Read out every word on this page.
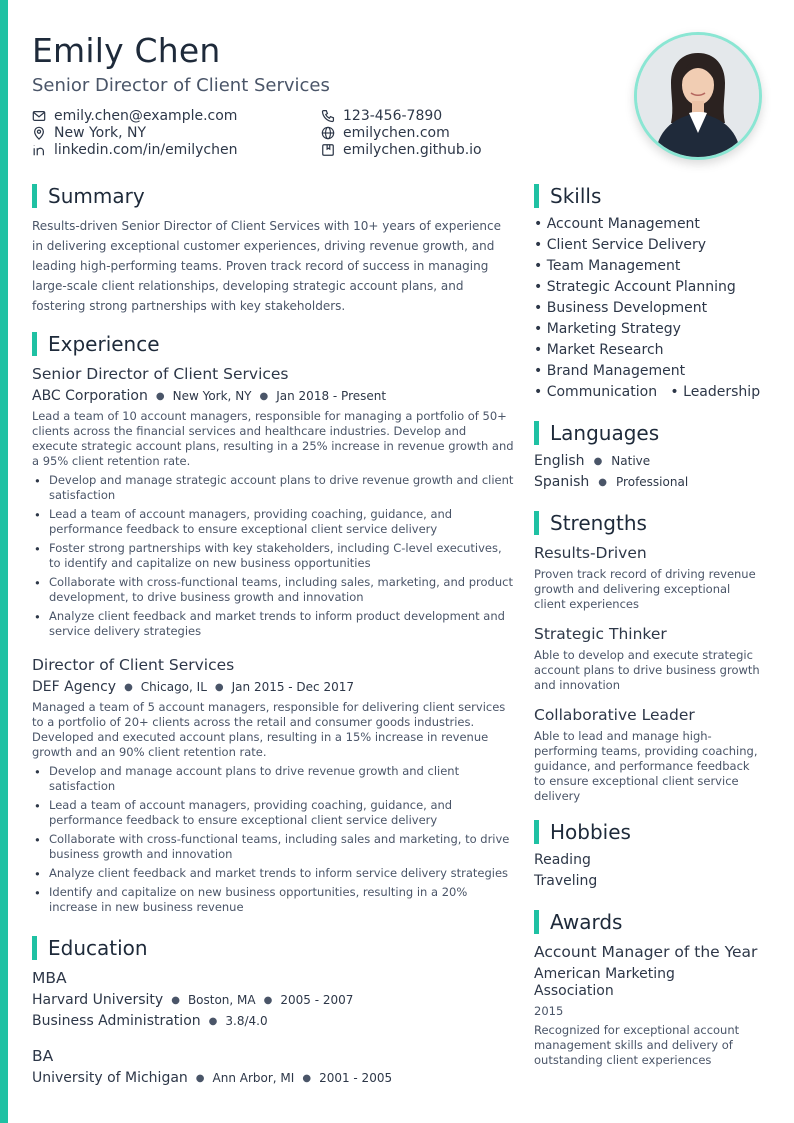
Emily Chen
Senior Director of Client Services
emily.chen@example.com
New York, NY
linkedin.com/in/emilychen
123-456-7890
emilychen.com
emilychen.github.io
Summary
Results-driven Senior Director of Client Services with 10+ years of experience in delivering exceptional customer experiences, driving revenue growth, and leading high-performing teams. Proven track record of success in managing large-scale client relationships, developing strategic account plans, and fostering strong partnerships with key stakeholders.
Experience
Senior Director of Client Services
ABC Corporation ● New York, NY ● Jan 2018 - Present
Lead a team of 10 account managers, responsible for managing a portfolio of 50+ clients across the financial services and healthcare industries. Develop and execute strategic account plans, resulting in a 25% increase in revenue growth and a 95% client retention rate.
• Develop and manage strategic account plans to drive revenue growth and client satisfaction
• Lead a team of account managers, providing coaching, guidance, and performance feedback to ensure exceptional client service delivery
• Foster strong partnerships with key stakeholders, including C-level executives, to identify and capitalize on new business opportunities
• Collaborate with cross-functional teams, including sales, marketing, and product development, to drive business growth and innovation
• Analyze client feedback and market trends to inform product development and service delivery strategies
Director of Client Services
DEF Agency ● Chicago, IL ● Jan 2015 - Dec 2017
Managed a team of 5 account managers, responsible for delivering client services to a portfolio of 20+ clients across the retail and consumer goods industries. Developed and executed account plans, resulting in a 15% increase in revenue growth and an 90% client retention rate.
• Develop and manage account plans to drive revenue growth and client satisfaction
• Lead a team of account managers, providing coaching, guidance, and performance feedback to ensure exceptional client service delivery
• Collaborate with cross-functional teams, including sales and marketing, to drive business growth and innovation
• Analyze client feedback and market trends to inform service delivery strategies
• Identify and capitalize on new business opportunities, resulting in a 20% increase in new business revenue
Education
MBA
Harvard University ● Boston, MA ● 2005 - 2007
Business Administration ● 3.8/4.0
BA
University of Michigan ● Ann Arbor, MI ● 2001 - 2005
Skills
• Account Management
• Client Service Delivery
• Team Management
• Strategic Account Planning
• Business Development
• Marketing Strategy
• Market Research
• Brand Management
• Communication   • Leadership
Languages
English ● Native
Spanish ● Professional
Strengths
Results-Driven
Proven track record of driving revenue growth and delivering exceptional client experiences
Strategic Thinker
Able to develop and execute strategic account plans to drive business growth and innovation
Collaborative Leader
Able to lead and manage high-performing teams, providing coaching, guidance, and performance feedback to ensure exceptional client service delivery
Hobbies
Reading
Traveling
Awards
Account Manager of the Year
American Marketing Association
2015
Recognized for exceptional account management skills and delivery of outstanding client experiences
